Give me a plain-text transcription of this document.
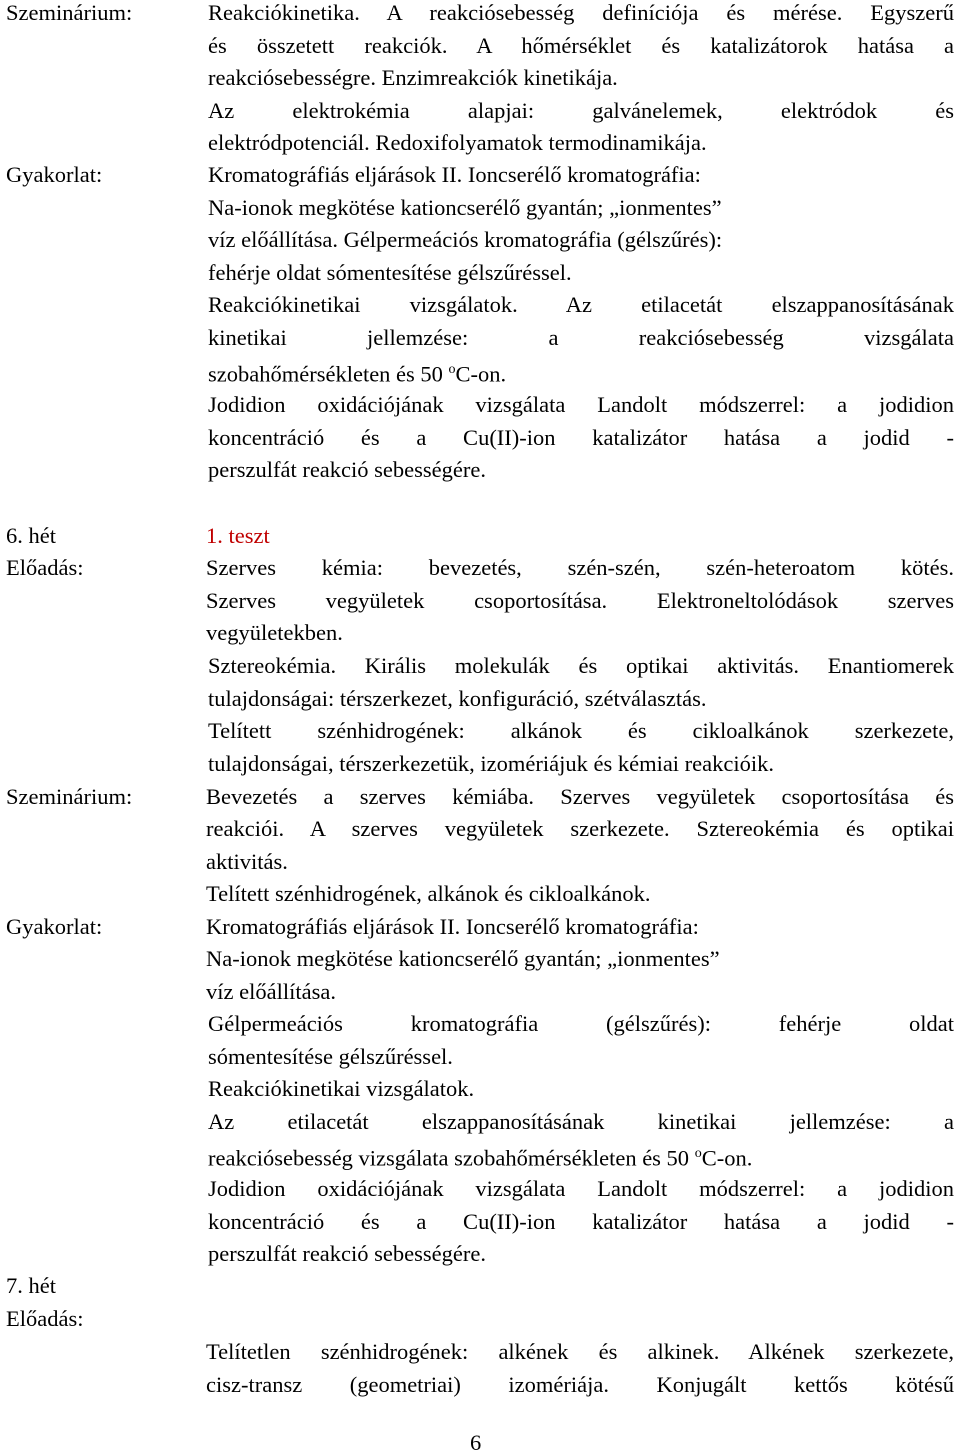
Szeminárium:
Gyakorlat:
6. hét
Előadás:
Szeminárium:
Gyakorlat:
7. hét
Előadás:
Reakciókinetika. A reakciósebesség definíciója és mérése. Egyszerű
és összetett reakciók. A hőmérséklet és katalizátorok hatása a
reakciósebességre. Enzimreakciók kinetikája.
Az elektrokémia alapjai: galvánelemek, elektródok és
elektródpotenciál. Redoxifolyamatok termodinamikája.
Kromatográfiás eljárások II. Ioncserélő kromatográfia:
Na-ionok megkötése kationcserélő gyantán; „ionmentes”
víz előállítása. Gélpermeációs kromatográfia (gélszűrés):
fehérje oldat sómentesítése gélszűréssel.
Reakciókinetikai vizsgálatok. Az etilacetát elszappanosításának
kinetikai jellemzése: a reakciósebesség vizsgálata
szobahőmérsékleten és 50 $^o$C-on.
Jodidion oxidációjának vizsgálata Landolt módszerrel: a jodidion
koncentráció és a Cu(II)-ion katalizátor hatása a jodid -
perszulfát reakció sebességére.
1. teszt
Szerves kémia: bevezetés, szén-szén, szén-heteroatom kötés.
Szerves vegyületek csoportosítása. Elektroneltolódások szerves
vegyületekben.
Sztereokémia. Királis molekulák és optikai aktivitás. Enantiomerek
tulajdonságai: térszerkezet, konfiguráció, szétválasztás.
Telített szénhidrogének: alkánok és cikloalkánok szerkezete,
tulajdonságai, térszerkezetük, izomériájuk és kémiai reakcióik.
Bevezetés a szerves kémiába. Szerves vegyületek csoportosítása és
reakciói. A szerves vegyületek szerkezete. Sztereokémia és optikai
aktivitás.
Telített szénhidrogének, alkánok és cikloalkánok.
Kromatográfiás eljárások II. Ioncserélő kromatográfia:
Na-ionok megkötése kationcserélő gyantán; „ionmentes”
víz előállítása.
Gélpermeációs kromatográfia (gélszűrés): fehérje oldat
sómentesítése gélszűréssel.
Reakciókinetikai vizsgálatok.
Az etilacetát elszappanosításának kinetikai jellemzése: a
reakciósebesség vizsgálata szobahőmérsékleten és 50 $^o$C-on.
Jodidion oxidációjának vizsgálata Landolt módszerrel: a jodidion
koncentráció és a Cu(II)-ion katalizátor hatása a jodid -
perszulfát reakció sebességére.
Telítetlen szénhidrogének: alkének és alkinek. Alkének szerkezete,
cisz-transz (geometriai) izomériája. Konjugált kettős kötésű
6
